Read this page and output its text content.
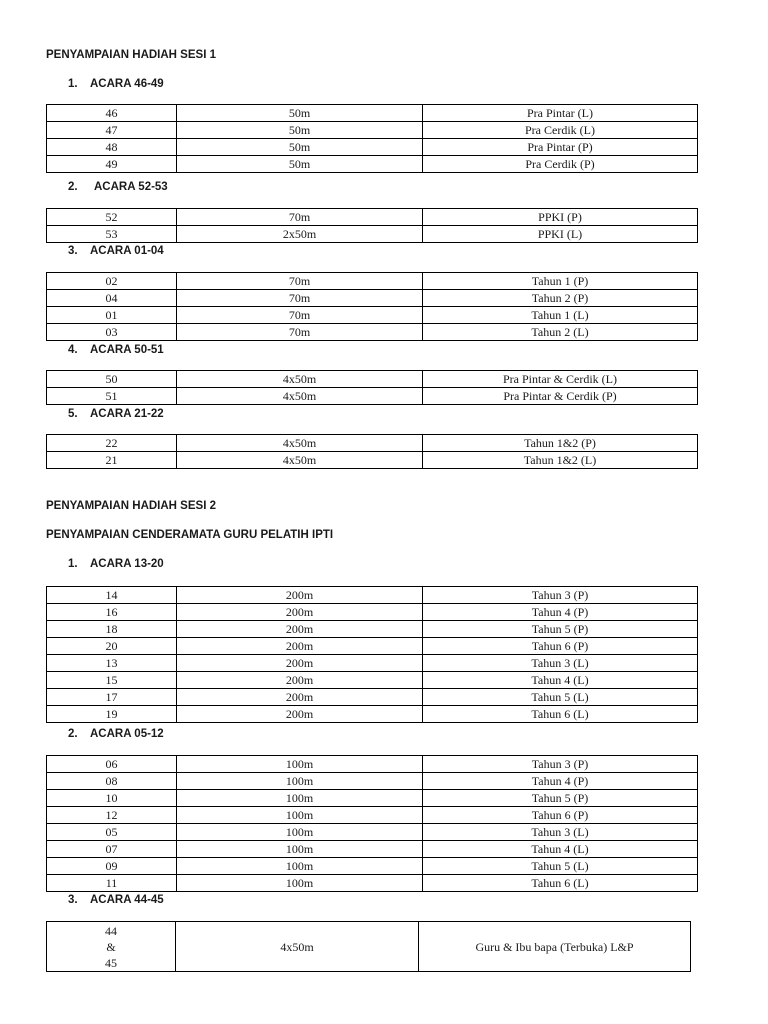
PENYAMPAIAN HADIAH SESI 1
1. ACARA 46-49
46	50m	Pra Pintar (L)
47	50m	Pra Cerdik (L)
48	50m	Pra Pintar (P)
49	50m	Pra Cerdik (P)
2. ACARA 52-53
52	70m	PPKI (P)
53	2x50m	PPKI (L)
3. ACARA 01-04
02	70m	Tahun 1 (P)
04	70m	Tahun 2 (P)
01	70m	Tahun 1 (L)
03	70m	Tahun 2 (L)
4. ACARA 50-51
50	4x50m	Pra Pintar & Cerdik (L)
51	4x50m	Pra Pintar & Cerdik (P)
5. ACARA 21-22
22	4x50m	Tahun 1&2 (P)
21	4x50m	Tahun 1&2 (L)
PENYAMPAIAN HADIAH SESI 2
PENYAMPAIAN CENDERAMATA GURU PELATIH IPTI
1. ACARA 13-20
14	200m	Tahun 3 (P)
16	200m	Tahun 4 (P)
18	200m	Tahun 5 (P)
20	200m	Tahun 6 (P)
13	200m	Tahun 3 (L)
15	200m	Tahun 4 (L)
17	200m	Tahun 5 (L)
19	200m	Tahun 6 (L)
2. ACARA 05-12
06	100m	Tahun 3 (P)
08	100m	Tahun 4 (P)
10	100m	Tahun 5 (P)
12	100m	Tahun 6 (P)
05	100m	Tahun 3 (L)
07	100m	Tahun 4 (L)
09	100m	Tahun 5 (L)
11	100m	Tahun 6 (L)
3. ACARA 44-45
44
&
45	4x50m	Guru & Ibu bapa (Terbuka) L&P
